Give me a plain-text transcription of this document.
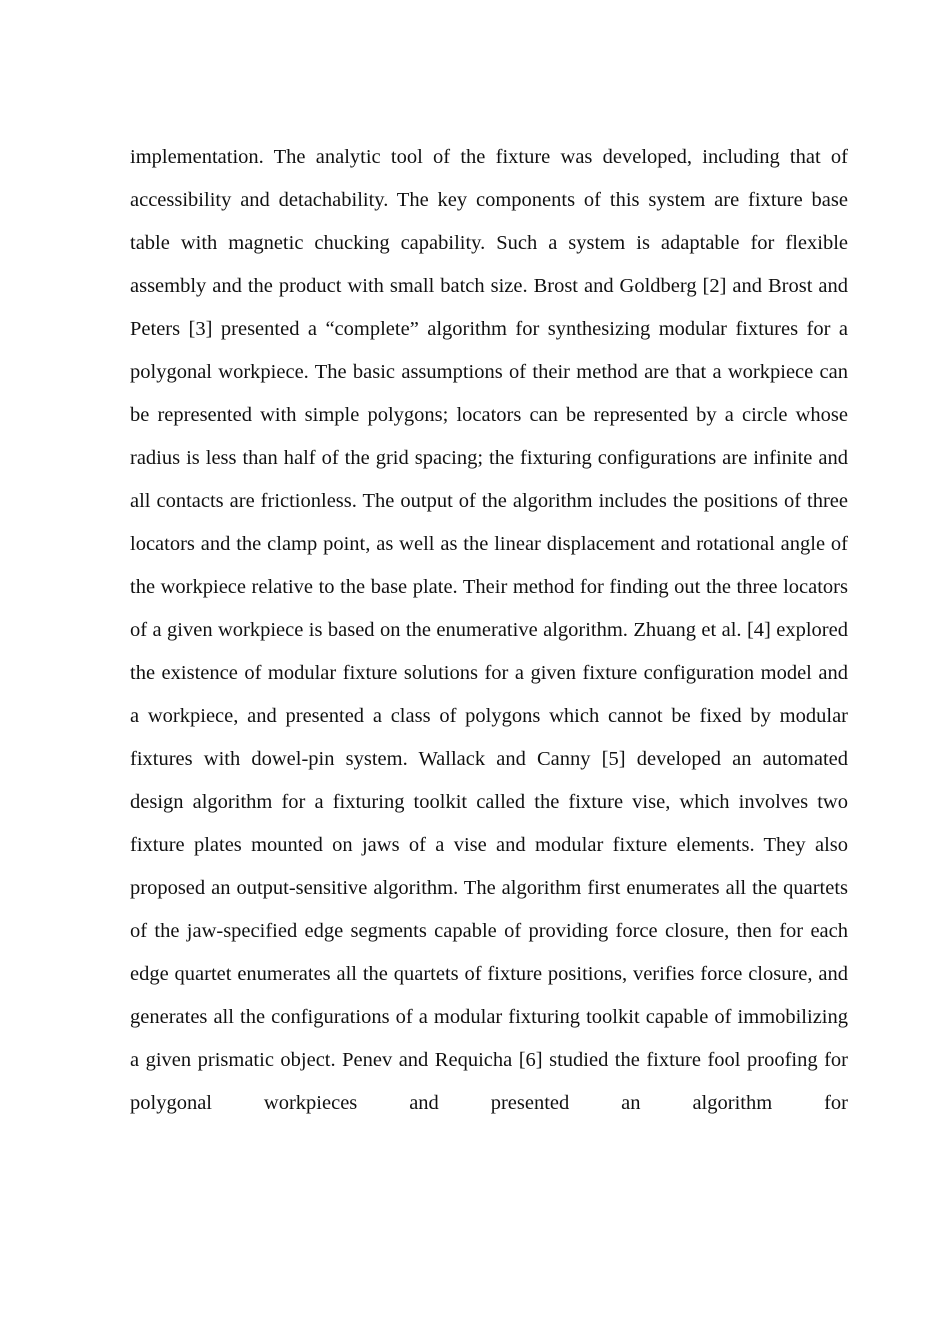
implementation. The analytic tool of the fixture was developed, including that of accessibility and detachability. The key components of this system are fixture base table with magnetic chucking capability. Such a system is adaptable for flexible assembly and the product with small batch size. Brost and Goldberg [2] and Brost and Peters [3] presented a “complete” algorithm for synthesizing modular fixtures for a polygonal workpiece. The basic assumptions of their method are that a workpiece can be represented with simple polygons; locators can be represented by a circle whose radius is less than half of the grid spacing; the fixturing configurations are infinite and all contacts are frictionless. The output of the algorithm includes the positions of three locators and the clamp point, as well as the linear displacement and rotational angle of the workpiece relative to the base plate. Their method for finding out the three locators of a given workpiece is based on the enumerative algorithm. Zhuang et al. [4] explored the existence of modular fixture solutions for a given fixture configuration model and a workpiece, and presented a class of polygons which cannot be fixed by modular fixtures with dowel-pin system. Wallack and Canny [5] developed an automated design algorithm for a fixturing toolkit called the fixture vise, which involves two fixture plates mounted on jaws of a vise and modular fixture elements. They also proposed an output-sensitive algorithm. The algorithm first enumerates all the quartets of the jaw-specified edge segments capable of providing force closure, then for each edge quartet enumerates all the quartets of fixture positions, verifies force closure, and generates all the configurations of a modular fixturing toolkit capable of immobilizing a given prismatic object. Penev and Requicha [6] studied the fixture fool proofing for polygonal workpieces and presented an algorithm for
